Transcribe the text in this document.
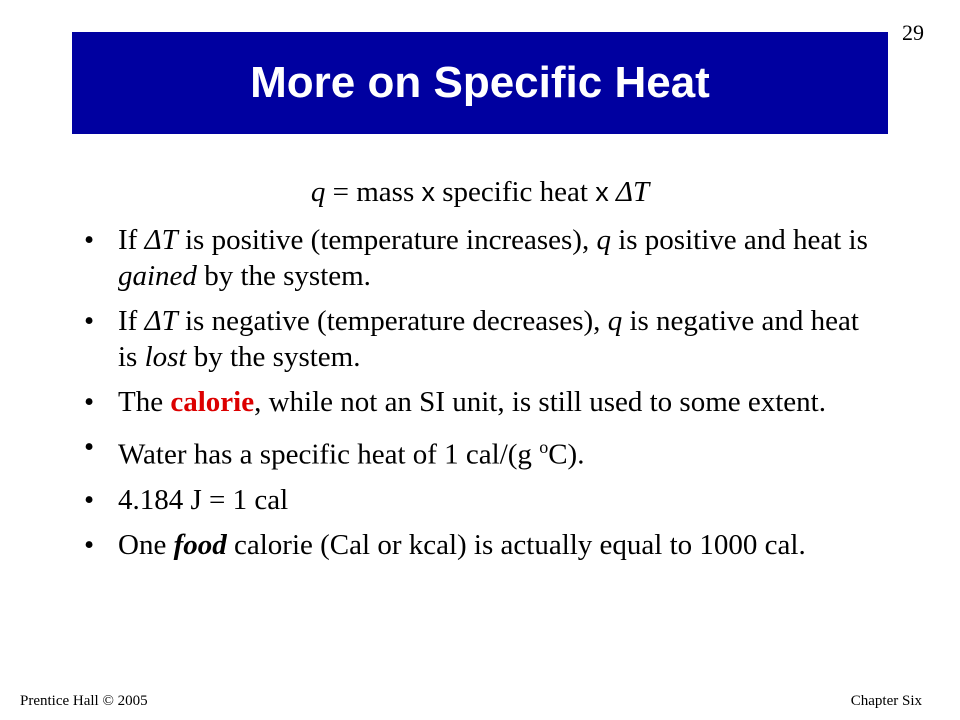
29
More on Specific Heat
q = mass x specific heat x ΔT
• If ΔT is positive (temperature increases), q is positive and heat is gained by the system.
• If ΔT is negative (temperature decreases), q is negative and heat is lost by the system.
• The calorie, while not an SI unit, is still used to some extent.
• Water has a specific heat of 1 cal/(g $^o$C).
• 4.184 J = 1 cal
• One food calorie (Cal or kcal) is actually equal to 1000 cal.
Prentice Hall © 2005	Chapter Six
